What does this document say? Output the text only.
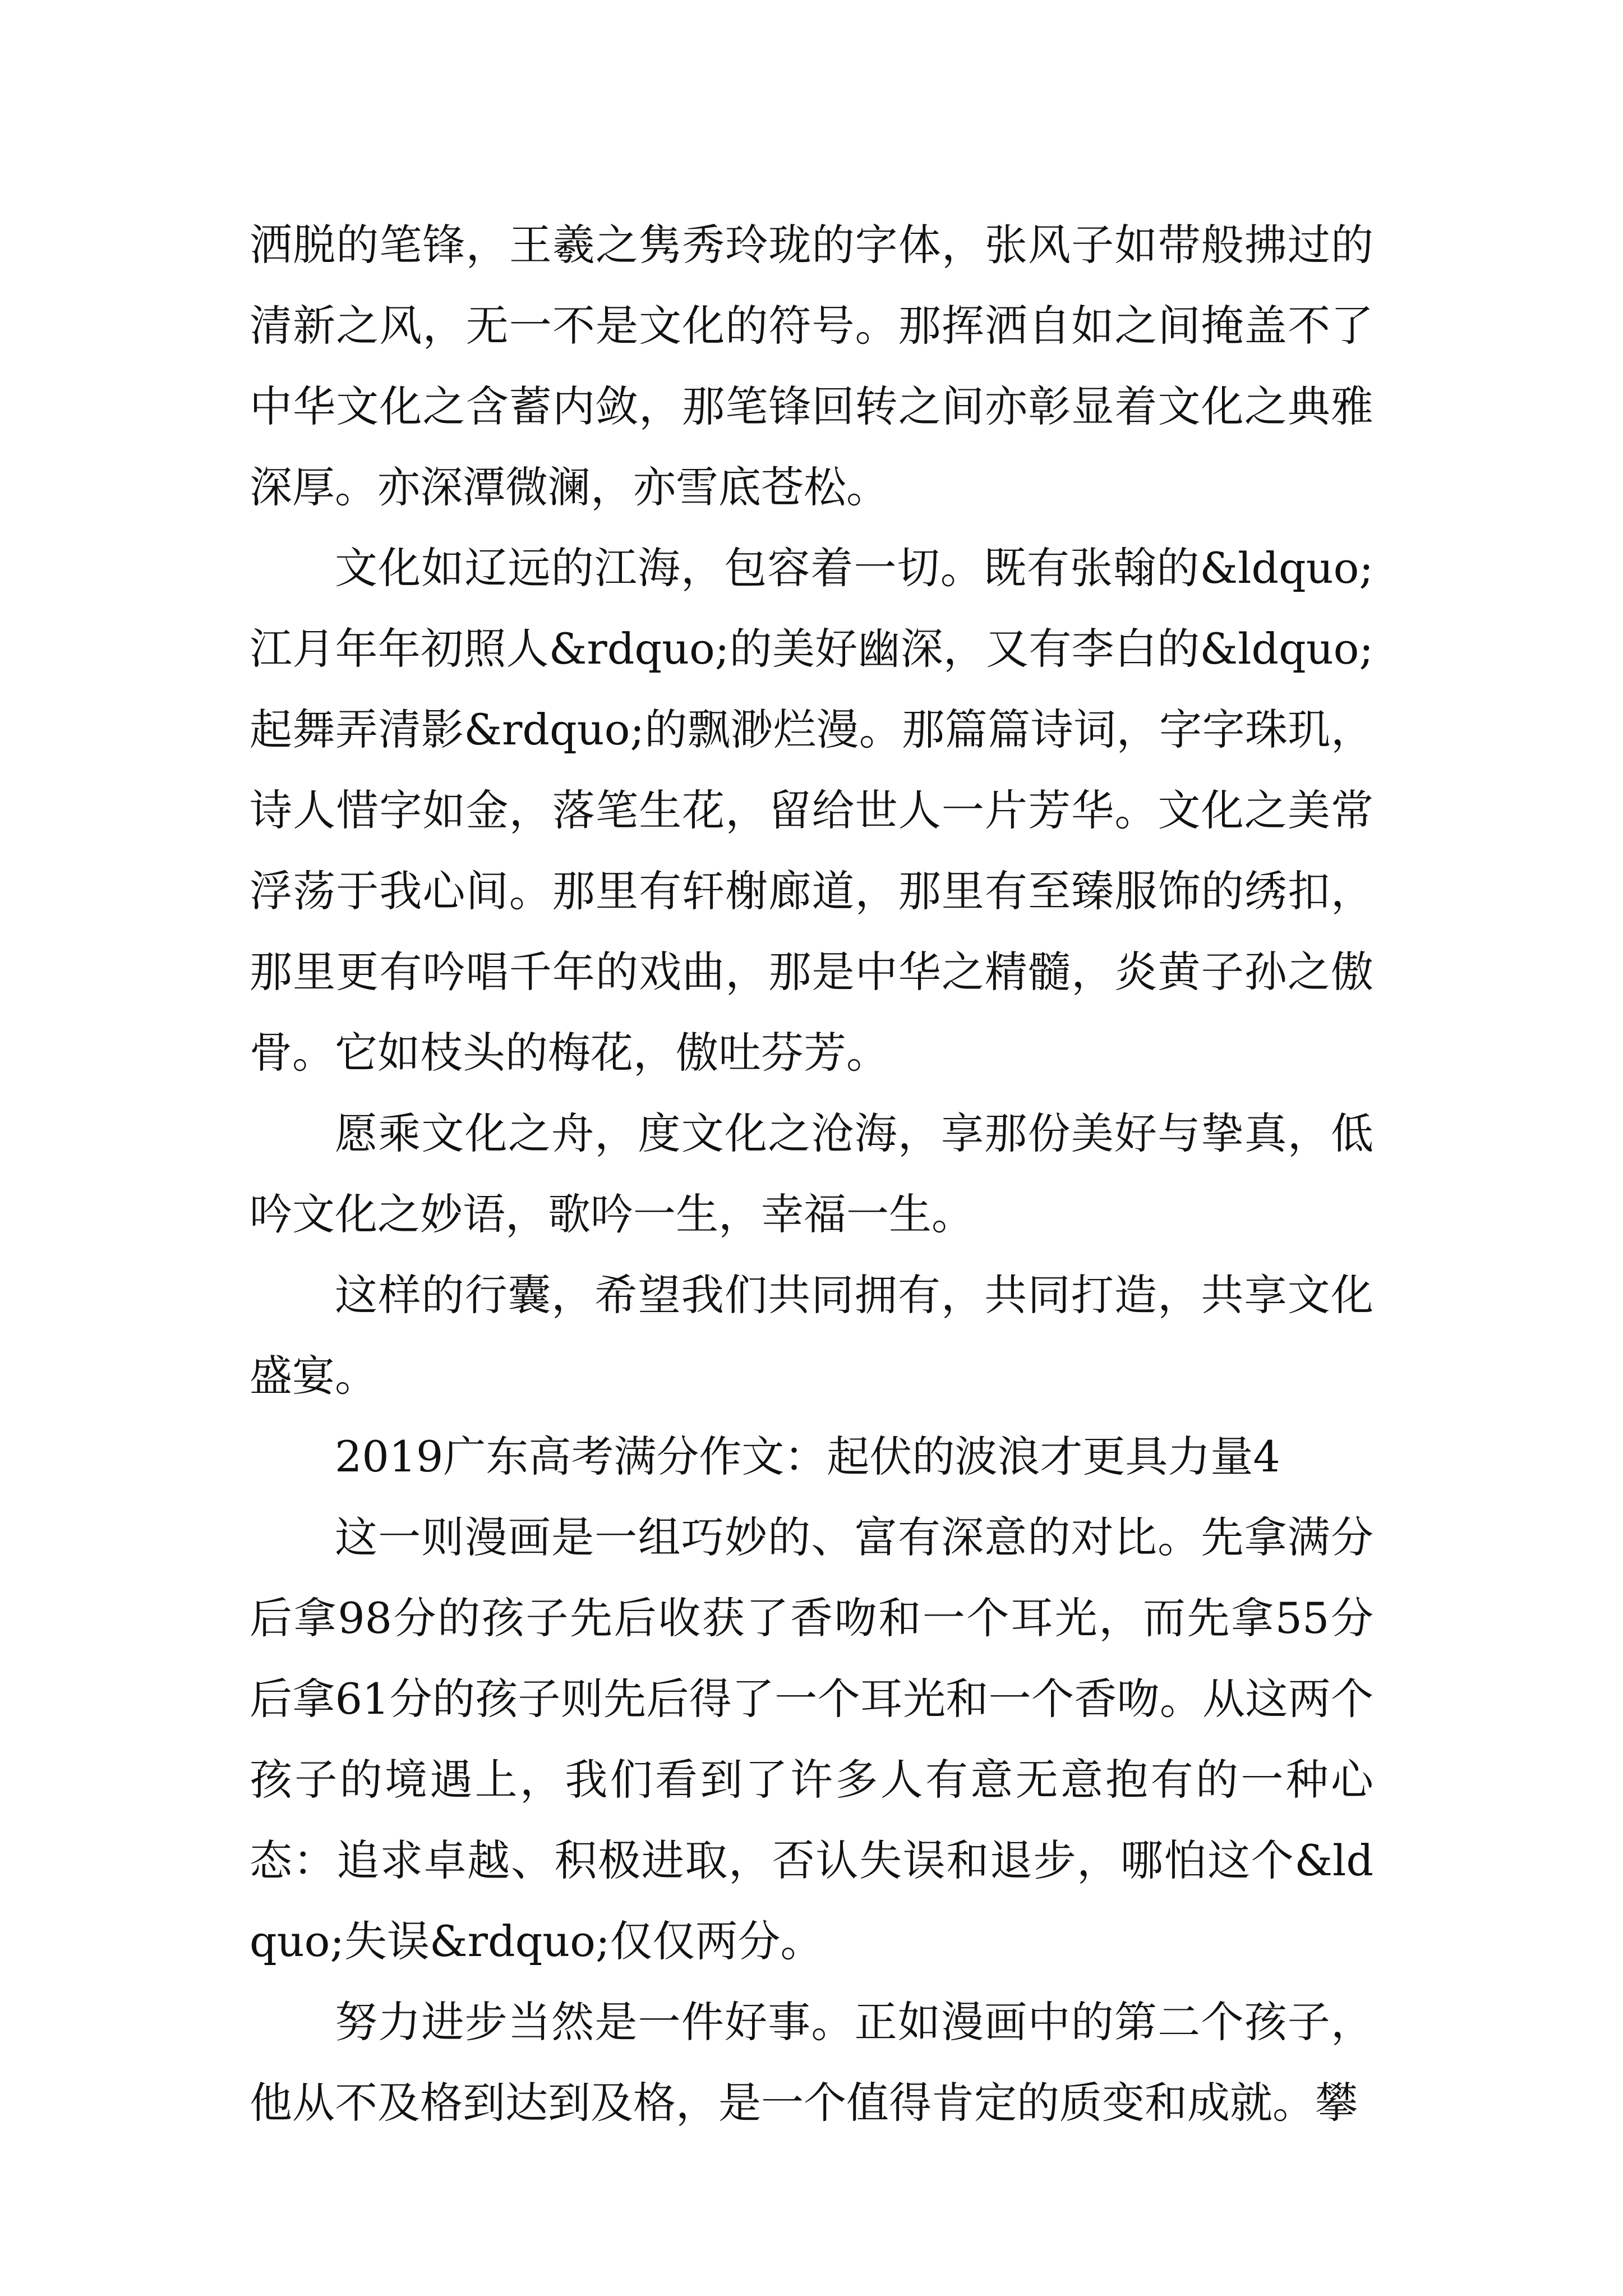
洒脱的笔锋，王羲之隽秀玲珑的字体，张风子如带般拂过的清新之风，无一不是文化的符号。那挥洒自如之间掩盖不了中华文化之含蓄内敛，那笔锋回转之间亦彰显着文化之典雅深厚。亦深潭微澜，亦雪底苍松。

文化如辽远的江海，包容着一切。既有张翰的&ldquo;江月年年初照人&rdquo;的美好幽深，又有李白的&ldquo;起舞弄清影&rdquo;的飘渺烂漫。那篇篇诗词，字字珠玑，诗人惜字如金，落笔生花，留给世人一片芳华。文化之美常浮荡于我心间。那里有轩榭廊道，那里有至臻服饰的绣扣，那里更有吟唱千年的戏曲，那是中华之精髓，炎黄子孙之傲骨。它如枝头的梅花，傲吐芬芳。

愿乘文化之舟，度文化之沧海，享那份美好与挚真，低吟文化之妙语，歌吟一生，幸福一生。

这样的行囊，希望我们共同拥有，共同打造，共享文化盛宴。

2019广东高考满分作文：起伏的波浪才更具力量4

这一则漫画是一组巧妙的、富有深意的对比。先拿满分后拿98分的孩子先后收获了香吻和一个耳光，而先拿55分后拿61分的孩子则先后得了一个耳光和一个香吻。从这两个孩子的境遇上，我们看到了许多人有意无意抱有的一种心态：追求卓越、积极进取，否认失误和退步，哪怕这个&ldquo;失误&rdquo;仅仅两分。

努力进步当然是一件好事。正如漫画中的第二个孩子，他从不及格到达到及格，是一个值得肯定的质变和成就。攀
